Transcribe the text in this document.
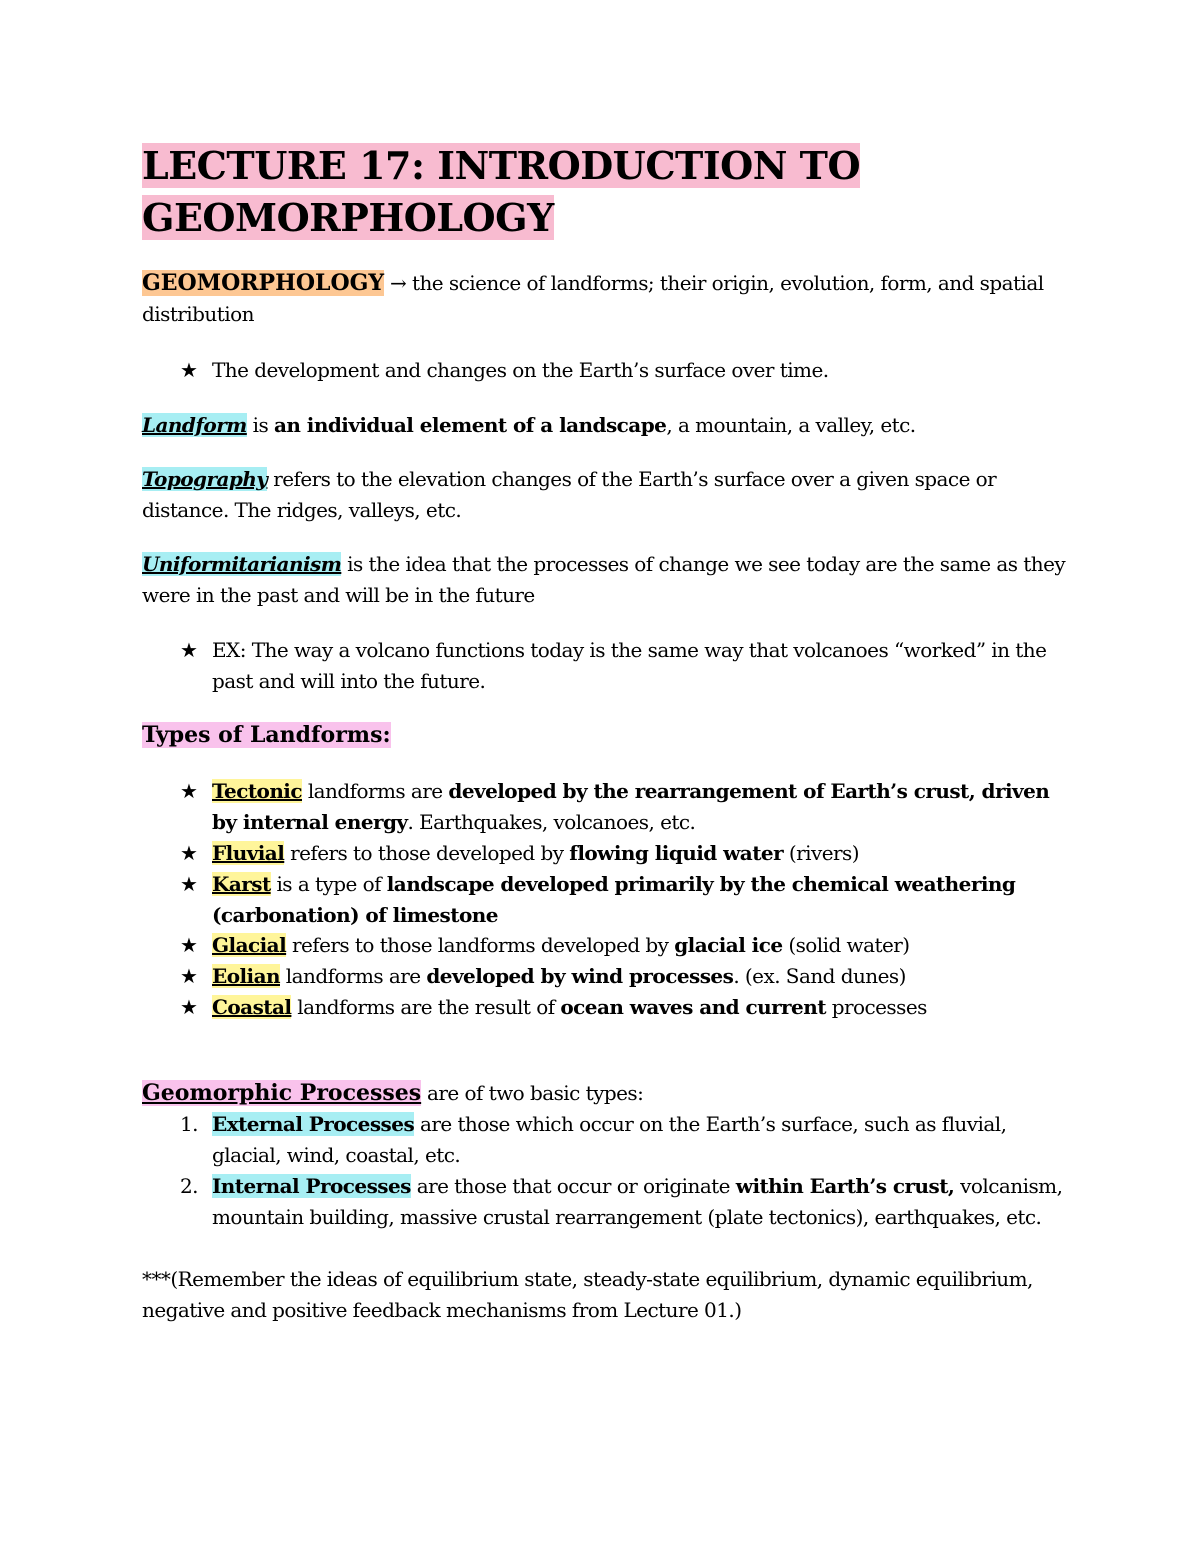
LECTURE 17: INTRODUCTION TO
GEOMORPHOLOGY
GEOMORPHOLOGY → the science of landforms; their origin, evolution, form, and spatial distribution
★ The development and changes on the Earth’s surface over time.
Landform is an individual element of a landscape, a mountain, a valley, etc.
Topography refers to the elevation changes of the Earth’s surface over a given space or distance. The ridges, valleys, etc.
Uniformitarianism is the idea that the processes of change we see today are the same as they were in the past and will be in the future
★ EX: The way a volcano functions today is the same way that volcanoes “worked” in the past and will into the future.
Types of Landforms:
★ Tectonic landforms are developed by the rearrangement of Earth’s crust, driven by internal energy. Earthquakes, volcanoes, etc.
★ Fluvial refers to those developed by flowing liquid water (rivers)
★ Karst is a type of landscape developed primarily by the chemical weathering (carbonation) of limestone
★ Glacial refers to those landforms developed by glacial ice (solid water)
★ Eolian landforms are developed by wind processes. (ex. Sand dunes)
★ Coastal landforms are the result of ocean waves and current processes
Geomorphic Processes are of two basic types:
1. External Processes are those which occur on the Earth’s surface, such as fluvial, glacial, wind, coastal, etc.
2. Internal Processes are those that occur or originate within Earth’s crust, volcanism, mountain building, massive crustal rearrangement (plate tectonics), earthquakes, etc.
***(Remember the ideas of equilibrium state, steady-state equilibrium, dynamic equilibrium, negative and positive feedback mechanisms from Lecture 01.)
